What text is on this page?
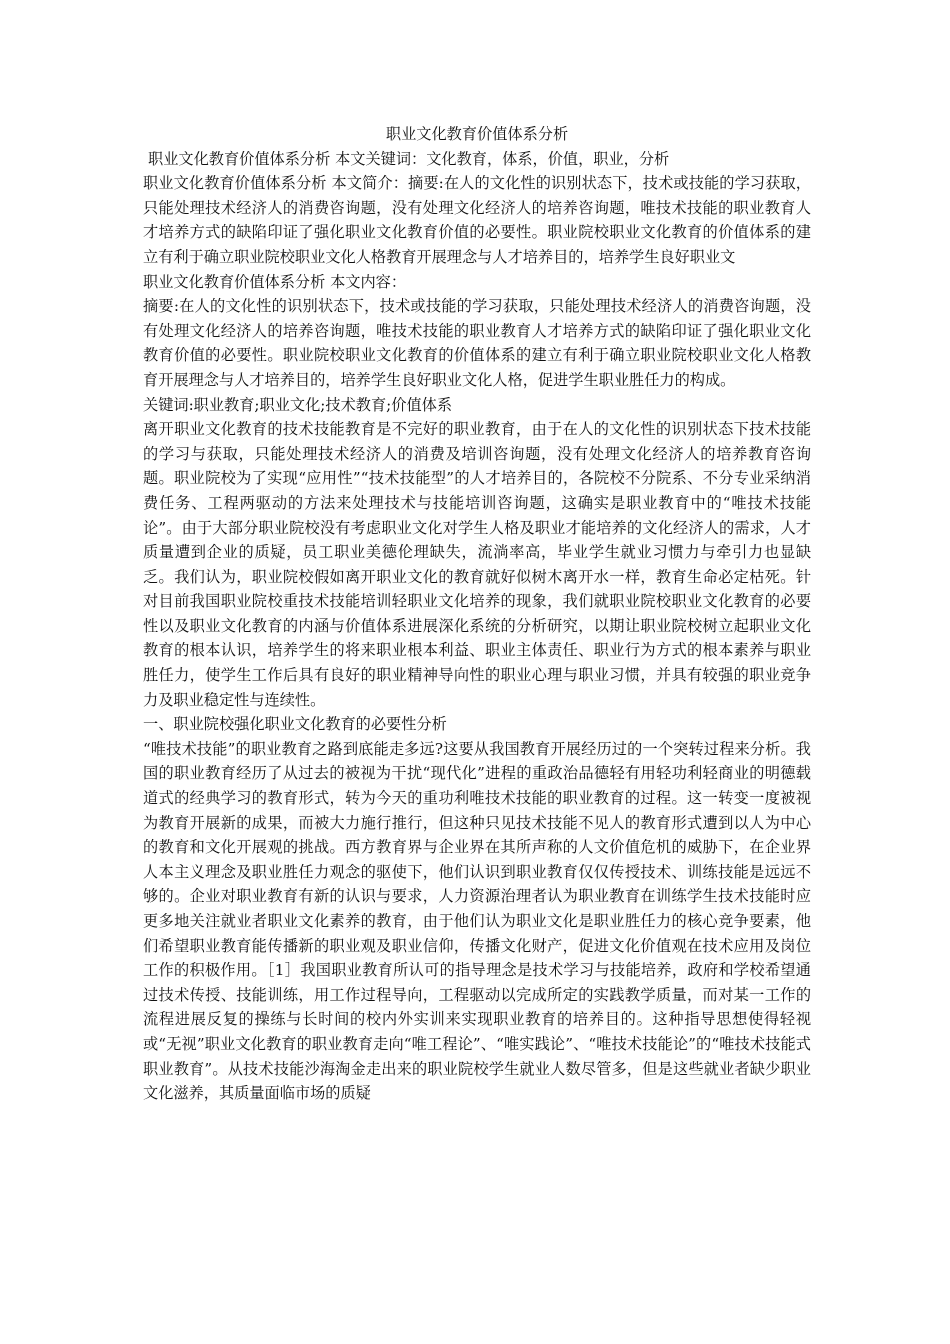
职业文化教育价值体系分析

职业文化教育价值体系分析 本文关键词：文化教育，体系，价值，职业，分析

职业文化教育价值体系分析 本文简介：摘要:在人的文化性的识别状态下，技术或技能的学习获取，只能处理技术经济人的消费咨询题，没有处理文化经济人的培养咨询题，唯技术技能的职业教育人才培养方式的缺陷印证了强化职业文化教育价值的必要性。职业院校职业文化教育的价值体系的建立有利于确立职业院校职业文化人格教育开展理念与人才培养目的，培养学生良好职业文

职业文化教育价值体系分析 本文内容：

摘要:在人的文化性的识别状态下，技术或技能的学习获取，只能处理技术经济人的消费咨询题，没有处理文化经济人的培养咨询题，唯技术技能的职业教育人才培养方式的缺陷印证了强化职业文化教育价值的必要性。职业院校职业文化教育的价值体系的建立有利于确立职业院校职业文化人格教育开展理念与人才培养目的，培养学生良好职业文化人格，促进学生职业胜任力的构成。

关键词:职业教育;职业文化;技术教育;价值体系

离开职业文化教育的技术技能教育是不完好的职业教育，由于在人的文化性的识别状态下技术技能的学习与获取，只能处理技术经济人的消费及培训咨询题，没有处理文化经济人的培养教育咨询题。职业院校为了实现“应用性”“技术技能型”的人才培养目的，各院校不分院系、不分专业采纳消费任务、工程两驱动的方法来处理技术与技能培训咨询题，这确实是职业教育中的“唯技术技能论”。由于大部分职业院校没有考虑职业文化对学生人格及职业才能培养的文化经济人的需求，人才质量遭到企业的质疑，员工职业美德伦理缺失，流淌率高，毕业学生就业习惯力与牵引力也显缺乏。我们认为，职业院校假如离开职业文化的教育就好似树木离开水一样，教育生命必定枯死。针对目前我国职业院校重技术技能培训轻职业文化培养的现象，我们就职业院校职业文化教育的必要性以及职业文化教育的内涵与价值体系进展深化系统的分析研究，以期让职业院校树立起职业文化教育的根本认识，培养学生的将来职业根本利益、职业主体责任、职业行为方式的根本素养与职业胜任力，使学生工作后具有良好的职业精神导向性的职业心理与职业习惯，并具有较强的职业竞争力及职业稳定性与连续性。

一、职业院校强化职业文化教育的必要性分析

“唯技术技能”的职业教育之路到底能走多远?这要从我国教育开展经历过的一个突转过程来分析。我国的职业教育经历了从过去的被视为干扰“现代化”进程的重政治品德轻有用轻功利轻商业的明德载道式的经典学习的教育形式，转为今天的重功利唯技术技能的职业教育的过程。这一转变一度被视为教育开展新的成果，而被大力施行推行，但这种只见技术技能不见人的教育形式遭到以人为中心的教育和文化开展观的挑战。西方教育界与企业界在其所声称的人文价值危机的威胁下，在企业界人本主义理念及职业胜任力观念的驱使下，他们认识到职业教育仅仅传授技术、训练技能是远远不够的。企业对职业教育有新的认识与要求，人力资源治理者认为职业教育在训练学生技术技能时应更多地关注就业者职业文化素养的教育，由于他们认为职业文化是职业胜任力的核心竞争要素，他们希望职业教育能传播新的职业观及职业信仰，传播文化财产，促进文化价值观在技术应用及岗位工作的积极作用。［1］我国职业教育所认可的指导理念是技术学习与技能培养，政府和学校希望通过技术传授、技能训练，用工作过程导向，工程驱动以完成所定的实践教学质量，而对某一工作的流程进展反复的操练与长时间的校内外实训来实现职业教育的培养目的。这种指导思想使得轻视或“无视”职业文化教育的职业教育走向“唯工程论”、“唯实践论”、“唯技术技能论”的“唯技术技能式职业教育”。从技术技能沙海淘金走出来的职业院校学生就业人数尽管多，但是这些就业者缺少职业文化滋养，其质量面临市场的质疑
